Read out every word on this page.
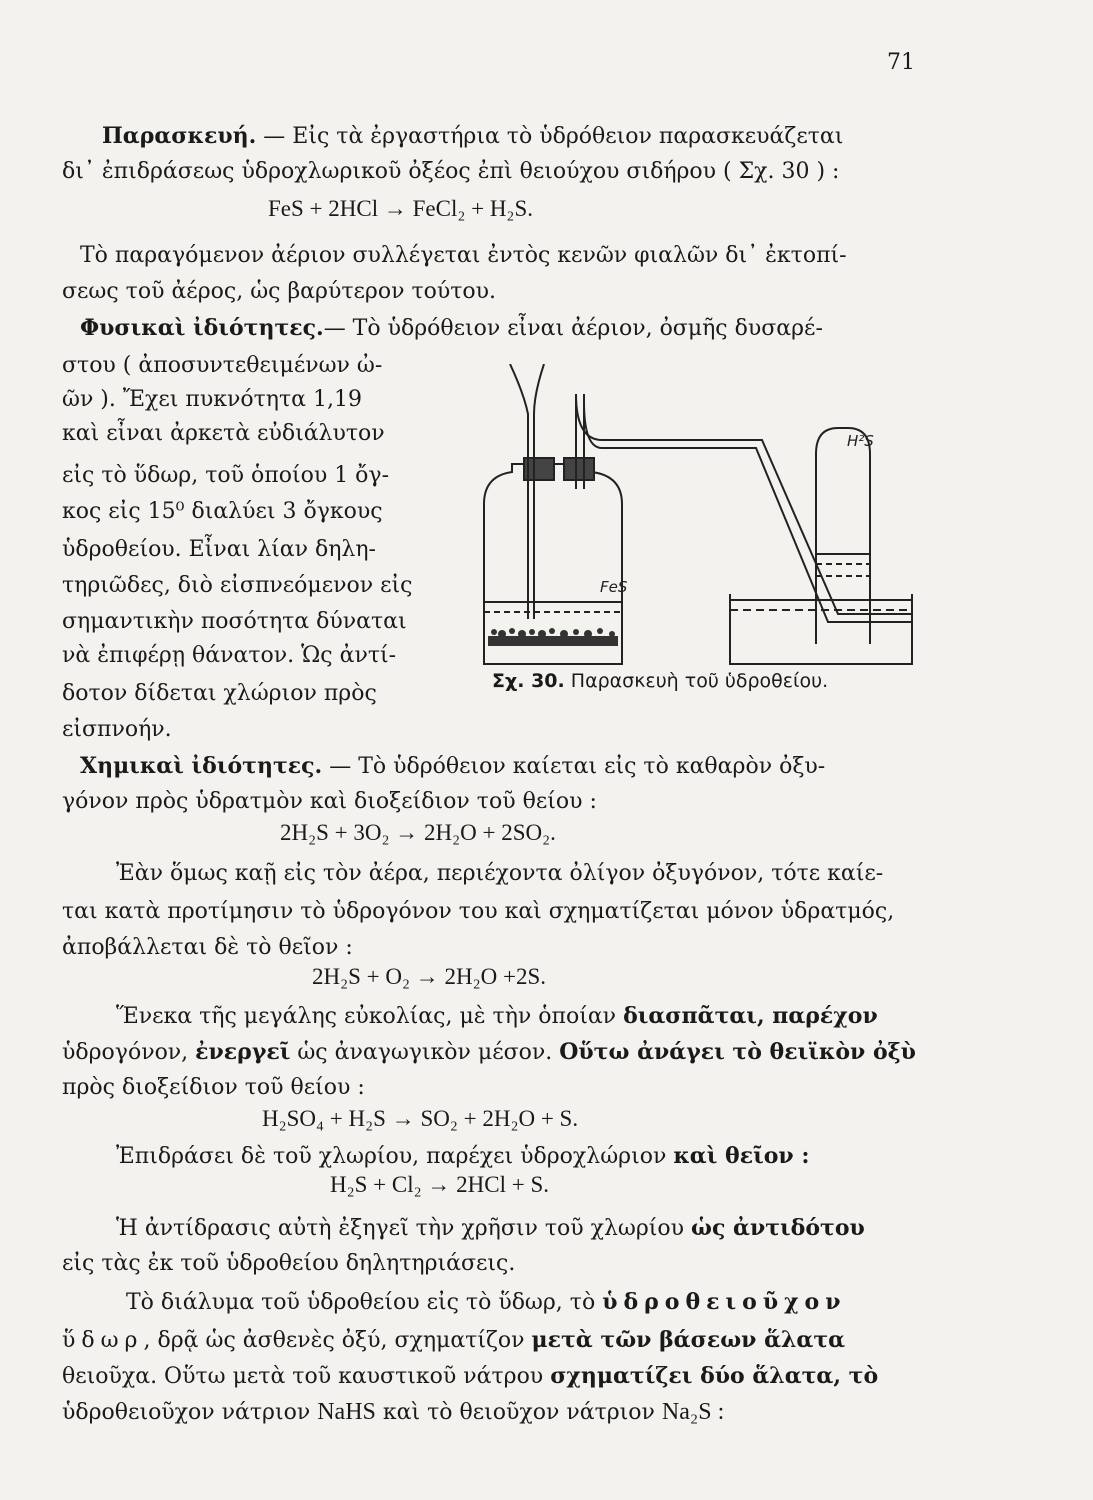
71
Παρασκευή. — Εἰς τὰ ἐργαστήρια τὸ ὑδρόθειον παρασκευάζεται
δι᾽ ἐπιδράσεως ὑδροχλωρικοῦ ὀξέος ἐπὶ θειούχου σιδήρου ( Σχ. 30 ) :
FeS + 2HCl → FeCl₂ + H₂S.
Τὸ παραγόμενον ἀέριον συλλέγεται ἐντὸς κενῶν φιαλῶν δι᾽ ἐκτοπί-
σεως τοῦ ἀέρος, ὡς βαρύτερον τούτου.
Φυσικαὶ ἰδιότητες.— Τὸ ὑδρόθειον εἶναι ἀέριον, ὀσμῆς δυσαρέ-
στου ( ἀποσυντεθειμένων ὠ-
ῶν ). Ἔχει πυκνότητα 1,19
καὶ εἶναι ἀρκετὰ εὐδιάλυτον
εἰς τὸ ὕδωρ, τοῦ ὁποίου 1 ὄγ-
κος εἰς 15⁰ διαλύει 3 ὄγκους
ὑδροθείου. Εἶναι λίαν δηλη-
τηριῶδες, διὸ εἰσπνεόμενον εἰς
σημαντικὴν ποσότητα δύναται
νὰ ἐπιφέρῃ θάνατον. Ὡς ἀντί-
δοτον δίδεται χλώριον πρὸς
εἰσπνοήν.
H²S
FeS
Σχ. 30. Παρασκευὴ τοῦ ὑδροθείου.
Χημικαὶ ἰδιότητες. — Τὸ ὑδρόθειον καίεται εἰς τὸ καθαρὸν ὀξυ-
γόνον πρὸς ὑδρατμὸν καὶ διοξείδιον τοῦ θείου :
2H₂S + 3O₂ → 2H₂O + 2SO₂.
Ἐὰν ὅμως καῇ εἰς τὸν ἀέρα, περιέχοντα ὀλίγον ὀξυγόνον, τότε καίε-
ται κατὰ προτίμησιν τὸ ὑδρογόνον του καὶ σχηματίζεται μόνον ὑδρατμός,
ἀποβάλλεται δὲ τὸ θεῖον :
2H₂S + O₂ → 2H₂O +2S.
Ἕνεκα τῆς μεγάλης εὐκολίας, μὲ τὴν ὁποίαν διασπᾶται, παρέχον
ὑδρογόνον, ἐνεργεῖ ὡς ἀναγωγικὸν μέσον. Οὕτω ἀνάγει τὸ θειϊκὸν ὀξὺ
πρὸς διοξείδιον τοῦ θείου :
H₂SO₄ + H₂S → SO₂ + 2H₂O + S.
Ἐπιδράσει δὲ τοῦ χλωρίου, παρέχει ὑδροχλώριον καὶ θεῖον :
H₂S + Cl₂ → 2HCl + S.
Ἡ ἀντίδρασις αὐτὴ ἐξηγεῖ τὴν χρῆσιν τοῦ χλωρίου ὡς ἀντιδότου
εἰς τὰς ἐκ τοῦ ὑδροθείου δηλητηριάσεις.
Τὸ διάλυμα τοῦ ὑδροθείου εἰς τὸ ὕδωρ, τὸ ὑδροθειοῦχον
ὕδωρ, δρᾷ ὡς ἀσθενὲς ὀξύ, σχηματίζον μετὰ τῶν βάσεων ἅλατα
θειοῦχα. Οὕτω μετὰ τοῦ καυστικοῦ νάτρου σχηματίζει δύο ἅλατα, τὸ
ὑδροθειοῦχον νάτριον NaHS καὶ τὸ θειοῦχον νάτριον Na₂S :
